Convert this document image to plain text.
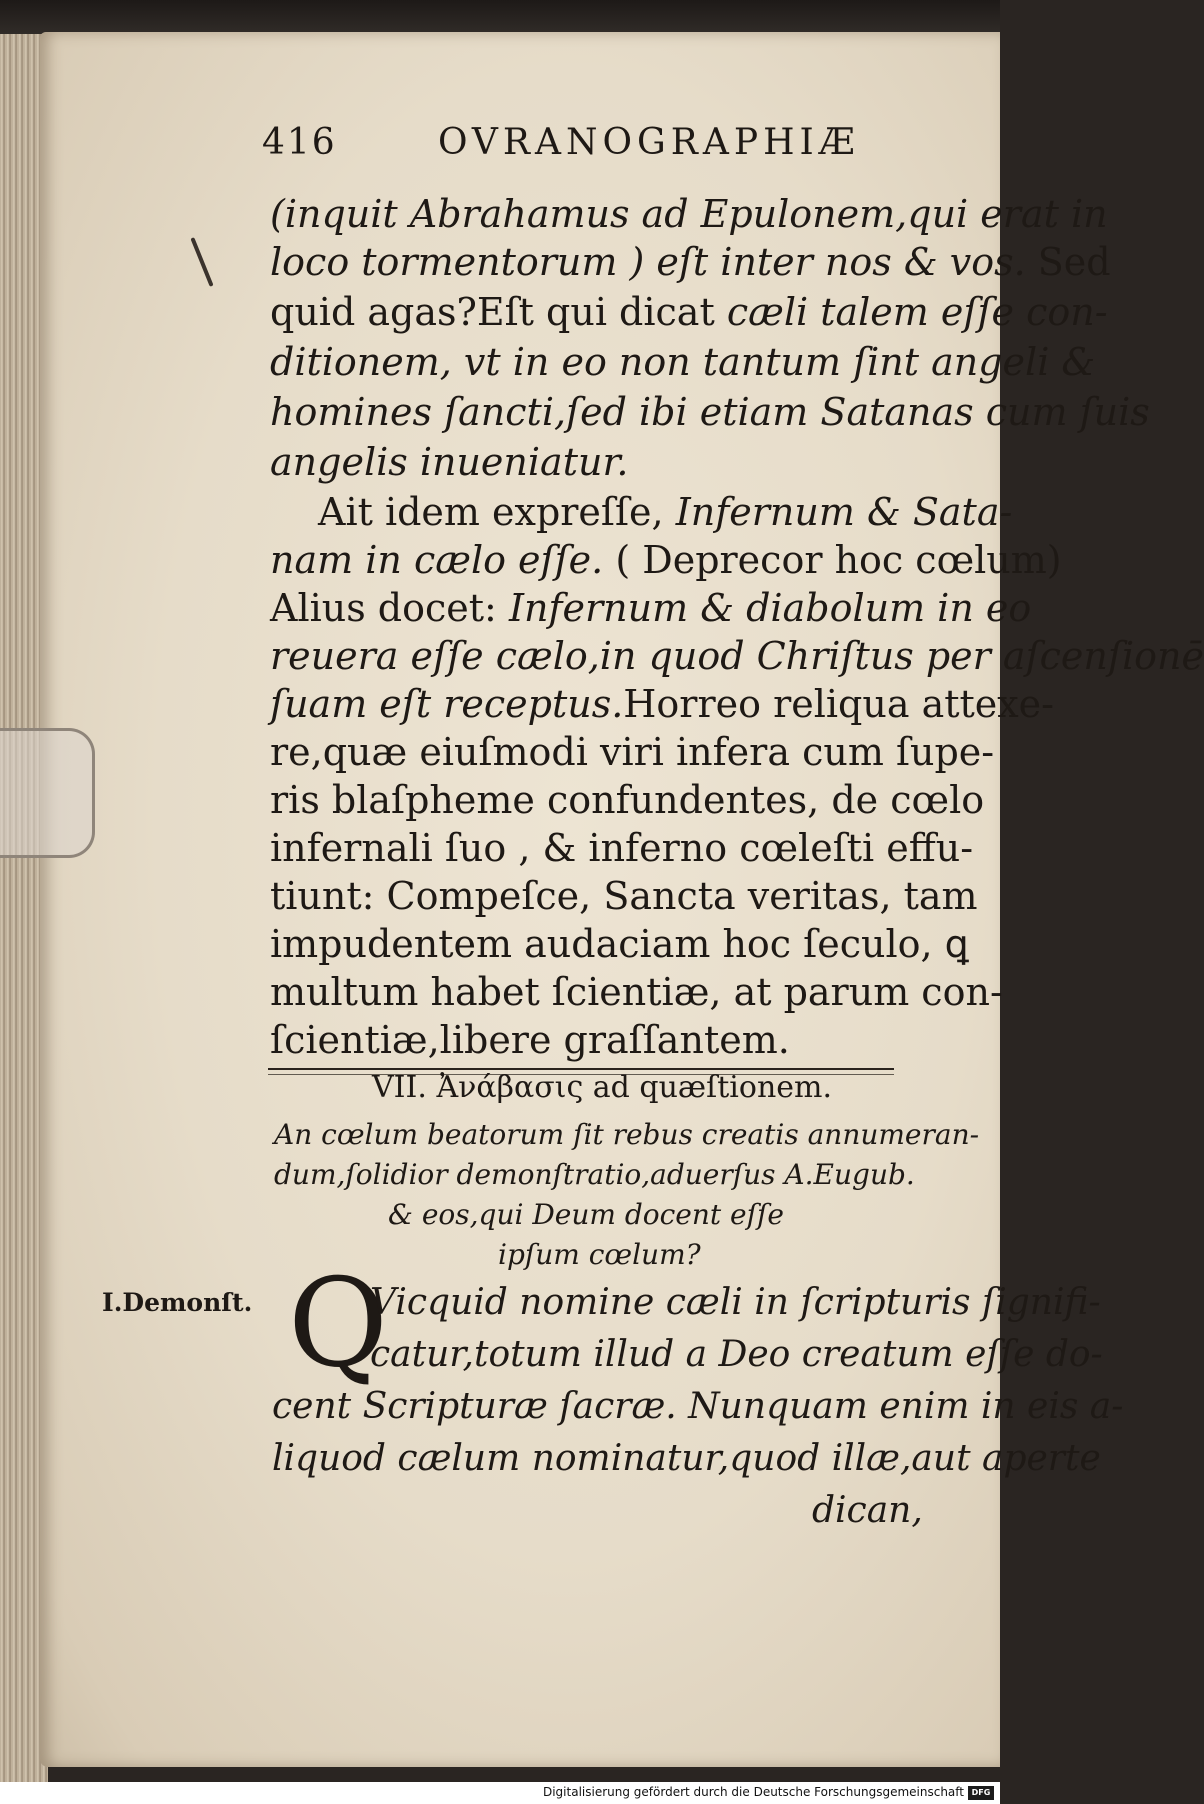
416	OVRANOGRAPHIÆ
(inquit Abrahamus ad Epulonem,qui erat in
loco tormentorum ) eſt inter nos & vos. Sed
quid agas?Eſt qui dicat cæli talem eſſe con-
ditionem, vt in eo non tantum ſint angeli &
homines ſancti,ſed ibi etiam Satanas cum ſuis
angelis inueniatur.
Ait idem expreſſe, Infernum & Sata-
nam in cælo eſſe. ( Deprecor hoc cœlum)
Alius docet: Infernum & diabolum in eo
reuera eſſe cælo,in quod Chriſtus per aſcenſionē
ſuam eſt receptus.Horreo reliqua attexe-
re,quæ eiuſmodi viri infera cum ſupe-
ris blaſpheme confundentes, de cœlo
infernali ſuo , & inferno cœleſti effu-
tiunt: Compeſce, Sancta veritas, tam
impudentem audaciam hoc ſeculo, ꝗ
multum habet ſcientiæ, at parum con-
ſcientiæ,libere graſſantem.
VII. Ἀνάβασις ad quæſtionem.
An cœlum beatorum ſit rebus creatis annumeran-
dum,ſolidior demonſtratio,aduerſus A.Eugub.
& eos,qui Deum docent eſſe
ipſum cœlum?
I.Demonſt. Q
Vicquid nomine cæli in ſcripturis ſignifi-
catur,totum illud a Deo creatum eſſe do-
cent Scripturæ ſacræ. Nunquam enim in eis a-
liquod cælum nominatur,quod illæ,aut aperte
dican,
Digitalisierung gefördert durch die Deutsche Forschungsgemeinschaft DFG
